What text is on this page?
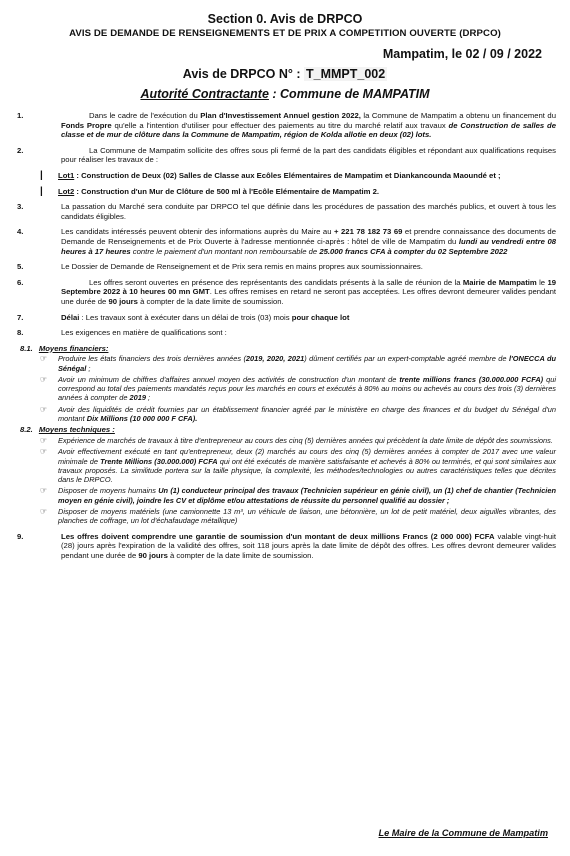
Section 0. Avis de DRPCO
AVIS DE DEMANDE DE RENSEIGNEMENTS ET DE PRIX A COMPETITION OUVERTE (DRPCO)
Mampatim, le 02 / 09 / 2022
Avis de DRPCO N° : T_MMPT_002
Autorité Contractante : Commune de MAMPATIM
1.	Dans le cadre de l'exécution du Plan d'Investissement Annuel gestion 2022, la Commune de Mampatim a obtenu un financement du Fonds Propre qu'elle a l'intention d'utiliser pour effectuer des paiements au titre du marché relatif aux travaux de Construction de salles de classe et de mur de clôture dans la Commune de Mampatim, région de Kolda allotie en deux (02) lots.
2.	La Commune de Mampatim sollicite des offres sous pli fermé de la part des candidats éligibles et répondant aux qualifications requises pour réaliser les travaux de :
|	Lot1 : Construction de Deux (02) Salles de Classe aux Ecôles Elémentaires de Mampatim et Diankancounda Maoundé et ;
|	Lot2 : Construction d'un Mur de Clôture de 500 ml à l'Ecôle Elémentaire de Mampatim 2.
3.	La passation du Marché sera conduite par DRPCO tel que définie dans les procédures de passation des marchés publics, et ouvert à tous les candidats éligibles.
4.	Les candidats intéressés peuvent obtenir des informations auprès du Maire au + 221 78 182 73 69 et prendre connaissance des documents de Demande de Renseignements et de Prix Ouverte à l'adresse mentionnée ci-après : hôtel de ville de Mampatim du lundi au vendredi entre 08 heures à 17 heures contre le paiement d'un montant non remboursable de 25.000 francs CFA à compter du 02 Septembre 2022
5.	Le Dossier de Demande de Renseignement et de Prix sera remis en mains propres aux soumissionnaires.
6.	Les offres seront ouvertes en présence des représentants des candidats présents à la salle de réunion de la Mairie de Mampatim le 19 Septembre 2022 à 10 heures 00 mn GMT. Les offres remises en retard ne seront pas acceptées. Les offres devront demeurer valides pendant une durée de 90 jours à compter de la date limite de soumission.
7.	Délai : Les travaux sont à exécuter dans un délai de trois (03) mois pour chaque lot
8.	Les exigences en matière de qualifications sont :
8.1. Moyens financiers:
☞	Produire les états financiers des trois dernières années (2019, 2020, 2021) dûment certifiés par un expert-comptable agréé membre de l'ONECCA du Sénégal ;
☞	Avoir un minimum de chiffres d'affaires annuel moyen des activités de construction d'un montant de trente millions francs (30.000.000 FCFA) qui correspond au total des paiements mandatés reçus pour les marchés en cours et exécutés à 80% au moins ou achevés au cours des trois (3) dernières années à compter de 2019 ;
☞	Avoir des liquidités de crédit fournies par un établissement financier agréé par le ministère en charge des finances et du budget du Sénégal d'un montant Dix Millions (10 000 000 F CFA).
8.2. Moyens techniques :
☞	Expérience de marchés de travaux à titre d'entrepreneur au cours des cinq (5) dernières années qui précèdent la date limite de dépôt des soumissions.
☞	Avoir effectivement exécuté en tant qu'entrepreneur, deux (2) marchés au cours des cinq (5) dernières années à compter de 2017 avec une valeur minimale de Trente Millions (30.000.000) FCFA qui ont été exécutés de manière satisfaisante et achevés à 80% ou terminés, et qui sont similaires aux travaux proposés. La similitude portera sur la taille physique, la complexité, les méthodes/technologies ou autres caractéristiques telles que décrites dans le DRPCO.
☞	Disposer de moyens humains Un (1) conducteur principal des travaux (Technicien supérieur en génie civil), un (1) chef de chantier (Technicien moyen en génie civil), joindre les CV et diplôme et/ou attestations de réussite du personnel qualifié au dossier ;
☞	Disposer de moyens matériels (une camionnette 13 m³, un véhicule de liaison, une bétonnière, un lot de petit matériel, deux aiguilles vibrantes, des planches de coffrage, un lot d'échafaudage métallique)
9.	Les offres doivent comprendre une garantie de soumission d'un montant de deux millions Francs (2 000 000) FCFA valable vingt-huit (28) jours après l'expiration de la validité des offres, soit 118 jours après la date limite de dépôt des offres. Les offres devront demeurer valides pendant une durée de 90 jours à compter de la date limite de soumission.
Le Maire de la Commune de Mampatim
